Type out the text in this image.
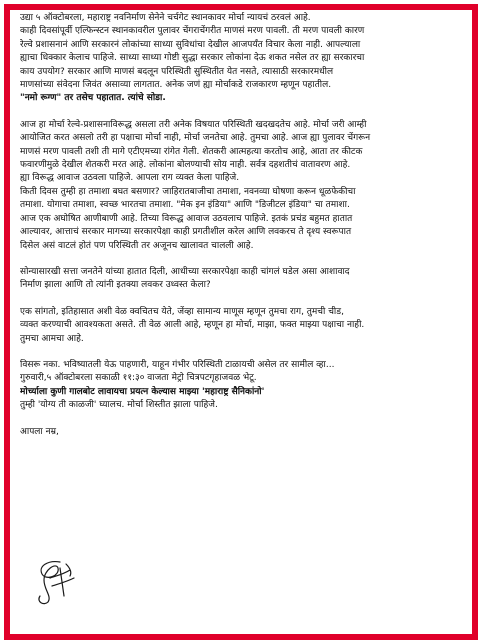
उद्या ५ ऑक्टोबरला, महाराष्ट्र नवनिर्माण सेनेने चर्चगेट स्थानकावर मोर्चा न्यायचं ठरवलं आहे.

काही दिवसांपूर्वी एल्फिन्स्टन स्थानकावरील पुलावर चेंगराचेंगरीत माणसं मरण पावली. ती मरण पावली कारण

रेल्वे प्रशासनानं आणि सरकारनं लोकांच्या साध्या सुविधांचा देखील आजपर्यंत विचार केला नाही. आपल्याला

ह्याचा धिक्कार केलाच पाहिजे. साध्या साध्या गोष्टी सुद्धा सरकार लोकांना देऊ शकत नसेल तर ह्या सरकारचा

काय उपयोग? सरकार आणि माणसं बदलून परिस्थिती सुस्थितीत येत नसते, त्यासाठी सरकारमधील

माणसांच्या संवेदना जिवंत असाव्या लागतात. अनेक जणं ह्या मोर्चाकडे राजकारण म्हणून पहातील.

"नमो रूग्ण" तर तसेच पहातात. त्यांचे सोडा.

आज हा मोर्चा रेल्वे-प्रशासनाविरूद्ध असला तरी अनेक विषयात परिस्थिती खदखदतेच आहे. मोर्चा जरी आम्ही

आयोजित करत असलो तरी हा पक्षाचा मोर्चा नाही, मोर्चा जनतेचा आहे. तुमचा आहे. आज ह्या पुलावर चेंगरून

माणसं मरण पावली तशी ती मागे एटीएमच्या रांगेत गेली. शेतकरी आत्महत्या करतोच आहे, आता तर कीटक

फवारणीमुळे देखील शेतकरी मरत आहे. लोकांना बोलण्याची सोय नाही. सर्वत्र दहशतीचं वातावरण आहे.

ह्या विरूद्ध आवाज उठवला पाहिजे. आपला राग व्यक्त केला पाहिजे.

किती दिवस तुम्ही हा तमाशा बघत बसणार? जाहिरातबाजीचा तमाशा, नवनव्या घोषणा करून धूळफेकीचा

तमाशा. योगाचा तमाशा, स्वच्छ भारतचा तमाशा. "मेक इन इंडिया" आणि "डिजीटल इंडिया" चा तमाशा.

आज एक अघोषित आणीबाणी आहे. तिच्या विरूद्ध आवाज उठवलाच पाहिजे. इतकं प्रचंड बहुमत हातात

आल्यावर, आत्ताचं सरकार मागच्या सरकारपेक्षा काही प्रगतीशील करेल आणि लवकरच ते दृश्य स्वरूपात

दिसेल असं वाटलं होतं पण परिस्थिती तर अजूनच खालावत चालली आहे.

सोन्यासारखी सत्ता जनतेने यांच्या हातात दिली, आधीच्या सरकारपेक्षा काही चांगलं घडेल असा आशावाद

निर्माण झाला आणि तो त्यांनी इतक्या लवकर उध्वस्त केला?

एक सांगतो, इतिहासात अशी वेळ क्वचितच येते, जेंव्हा सामान्य माणूस म्हणून तुमचा राग, तुमची चीड,

व्यक्त करण्याची आवश्यकता असते. ती वेळ आली आहे, म्हणून हा मोर्चा, माझा, फक्त माझ्या पक्षाचा नाही.

तुमचा आमचा आहे.

विसरू नका. भविष्यातली येऊ पाहणारी, याहून गंभीर परिस्थिती टाळायची असेल तर सामील व्हा...

गुरुवारी,५ ऑक्टोबरला सकाळी ११:३० वाजता मेट्रो चित्रपटगृहाजवळ भेटू.

मोर्च्याला कुणी गालबोट लावायचा प्रयत्न केल्यास माझ्या 'महाराष्ट्र सैनिकांनो'

तुम्ही 'योग्य ती काळजी' घ्यालच. मोर्चा शिस्तीत झाला पाहिजे.

आपला नम्र,
